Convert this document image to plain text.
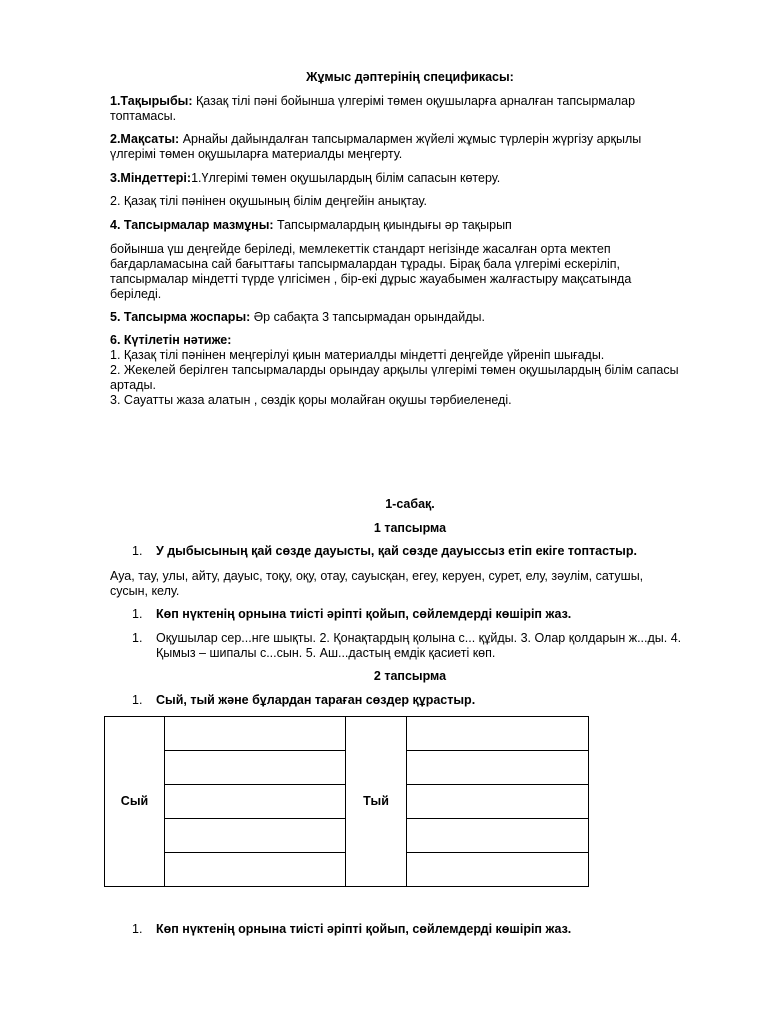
Жұмыс дәптерінің спецификасы:

1.Тақырыбы: Қазақ тілі пәні бойынша үлгерімі төмен оқушыларға арналған тапсырмалар топтамасы.

2.Мақсаты: Арнайы дайындалған тапсырмалармен жүйелі жұмыс түрлерін жүргізу арқылы үлгерімі төмен оқушыларға материалды меңгерту.

3.Міндеттері:1.Үлгерімі төмен оқушылардың білім сапасын көтеру.

2. Қазақ тілі пәнінен оқушының білім деңгейін анықтау.

4. Тапсырмалар мазмұны: Тапсырмалардың қиындығы әр тақырып

бойынша үш деңгейде беріледі, мемлекеттік стандарт негізінде жасалған орта мектеп бағдарламасына сай бағыттағы тапсырмалардан тұрады. Бірақ бала үлгерімі ескеріліп, тапсырмалар міндетті түрде үлгісімен , бір-екі дұрыс жауабымен жалғастыру мақсатында беріледі.

5. Тапсырма жоспары: Әр сабақта 3 тапсырмадан орындайды.

6. Күтілетін нәтиже:

1. Қазақ тілі пәнінен меңгерілуі қиын материалды міндетті деңгейде үйреніп шығады.

2. Жекелей берілген тапсырмаларды орындау арқылы үлгерімі төмен оқушылардың білім сапасы артады.

3. Сауатты жаза алатын , сөздік қоры молайған оқушы тәрбиеленеді.

1-сабақ.
1 тапсырма
1. У дыбысының қай сөзде дауысты, қай сөзде дауыссыз етіп екіге топтастыр.

Ауа, тау, улы, айту, дауыс, тоқу, оқу, отау, сауысқан, егеу, керуен, сурет, елу, зәулім, сатушы, сусын, келу.

1. Көп нүктенің орнына тиісті әріпті қойып, сөйлемдерді көшіріп жаз.
1. Оқушылар сер...нге шықты. 2. Қонақтардың қолына с... құйды. 3. Олар қолдарын ж...ды. 4. Қымыз – шипалы с...сын. 5. Аш...дастың емдік қасиеті көп.
2 тапсырма
1. Сый, тый және бұлардан тараған сөздер құрастыр.
1. Көп нүктенің орнына тиісті әріпті қойып, сөйлемдерді көшіріп жаз.
Сый		Тый	
